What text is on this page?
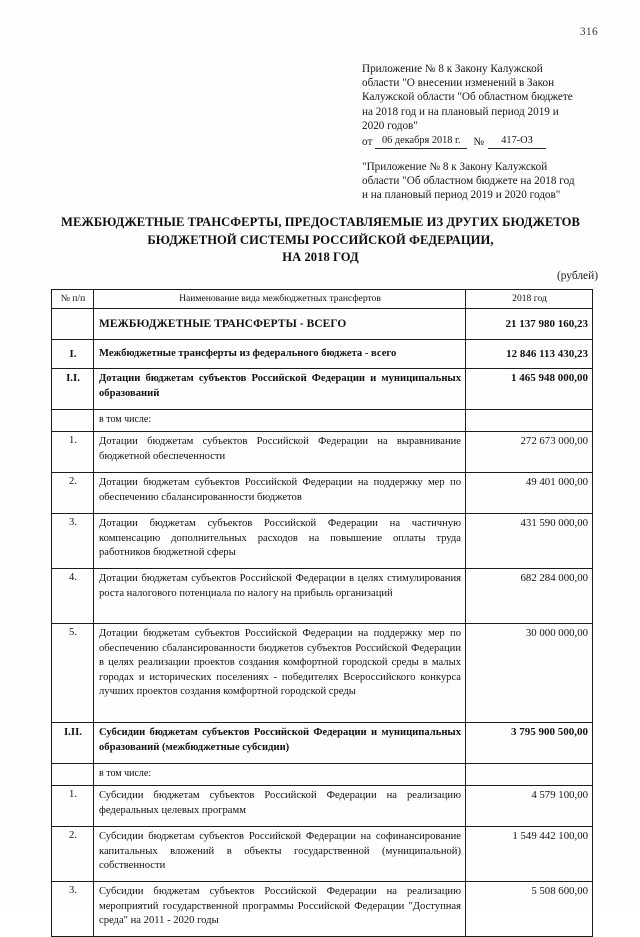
316

Приложение № 8 к Закону Калужской

области "О внесении изменений в Закон

Калужской области "Об областном бюджете

на 2018 год и на плановый период 2019 и

2020 годов"

от 06 декабря 2018 г.	№	417-ОЗ

"Приложение № 8 к Закону Калужской

области "Об областном бюджете на 2018 год

и на плановый период 2019 и 2020 годов"

МЕЖБЮДЖЕТНЫЕ ТРАНСФЕРТЫ, ПРЕДОСТАВЛЯЕМЫЕ ИЗ ДРУГИХ БЮДЖЕТОВ
БЮДЖЕТНОЙ СИСТЕМЫ РОССИЙСКОЙ ФЕДЕРАЦИИ,
НА 2018 ГОД
(рублей)
№ п/п	Наименование вида межбюджетных трансфертов	2018 год
	МЕЖБЮДЖЕТНЫЕ ТРАНСФЕРТЫ - ВСЕГО	21 137 980 160,23
I.	Межбюджетные трансферты из федерального бюджета - всего	12 846 113 430,23
I.I.	Дотации бюджетам субъектов Российской Федерации и муниципальных образований	1 465 948 000,00
	в том числе:	
1.	Дотации бюджетам субъектов Российской Федерации на выравнивание бюджетной обеспеченности	272 673 000,00
2.	Дотации бюджетам субъектов Российской Федерации на поддержку мер по обеспечению сбалансированности бюджетов	49 401 000,00
3.	Дотации бюджетам субъектов Российской Федерации на частичную компенсацию дополнительных расходов на повышение оплаты труда работников бюджетной сферы	431 590 000,00
4.	Дотации бюджетам субъектов Российской Федерации в целях стимулирования роста налогового потенциала по налогу на прибыль организаций	682 284 000,00
5.	Дотации бюджетам субъектов Российской Федерации на поддержку мер по обеспечению сбалансированности бюджетов субъектов Российской Федерации в целях реализации проектов создания комфортной городской среды в малых городах и исторических поселениях - победителях Всероссийского конкурса лучших проектов создания комфортной городской среды	30 000 000,00
I.II.	Субсидии бюджетам субъектов Российской Федерации и муниципальных образований (межбюджетные субсидии)	3 795 900 500,00
	в том числе:	
1.	Субсидии бюджетам субъектов Российской Федерации на реализацию федеральных целевых программ	4 579 100,00
2.	Субсидии бюджетам субъектов Российской Федерации на софинансирование капитальных вложений в объекты государственной (муниципальной) собственности	1 549 442 100,00
3.	Субсидии бюджетам субъектов Российской Федерации на реализацию мероприятий государственной программы Российской Федерации "Доступная среда" на 2011 - 2020 годы	5 508 600,00
